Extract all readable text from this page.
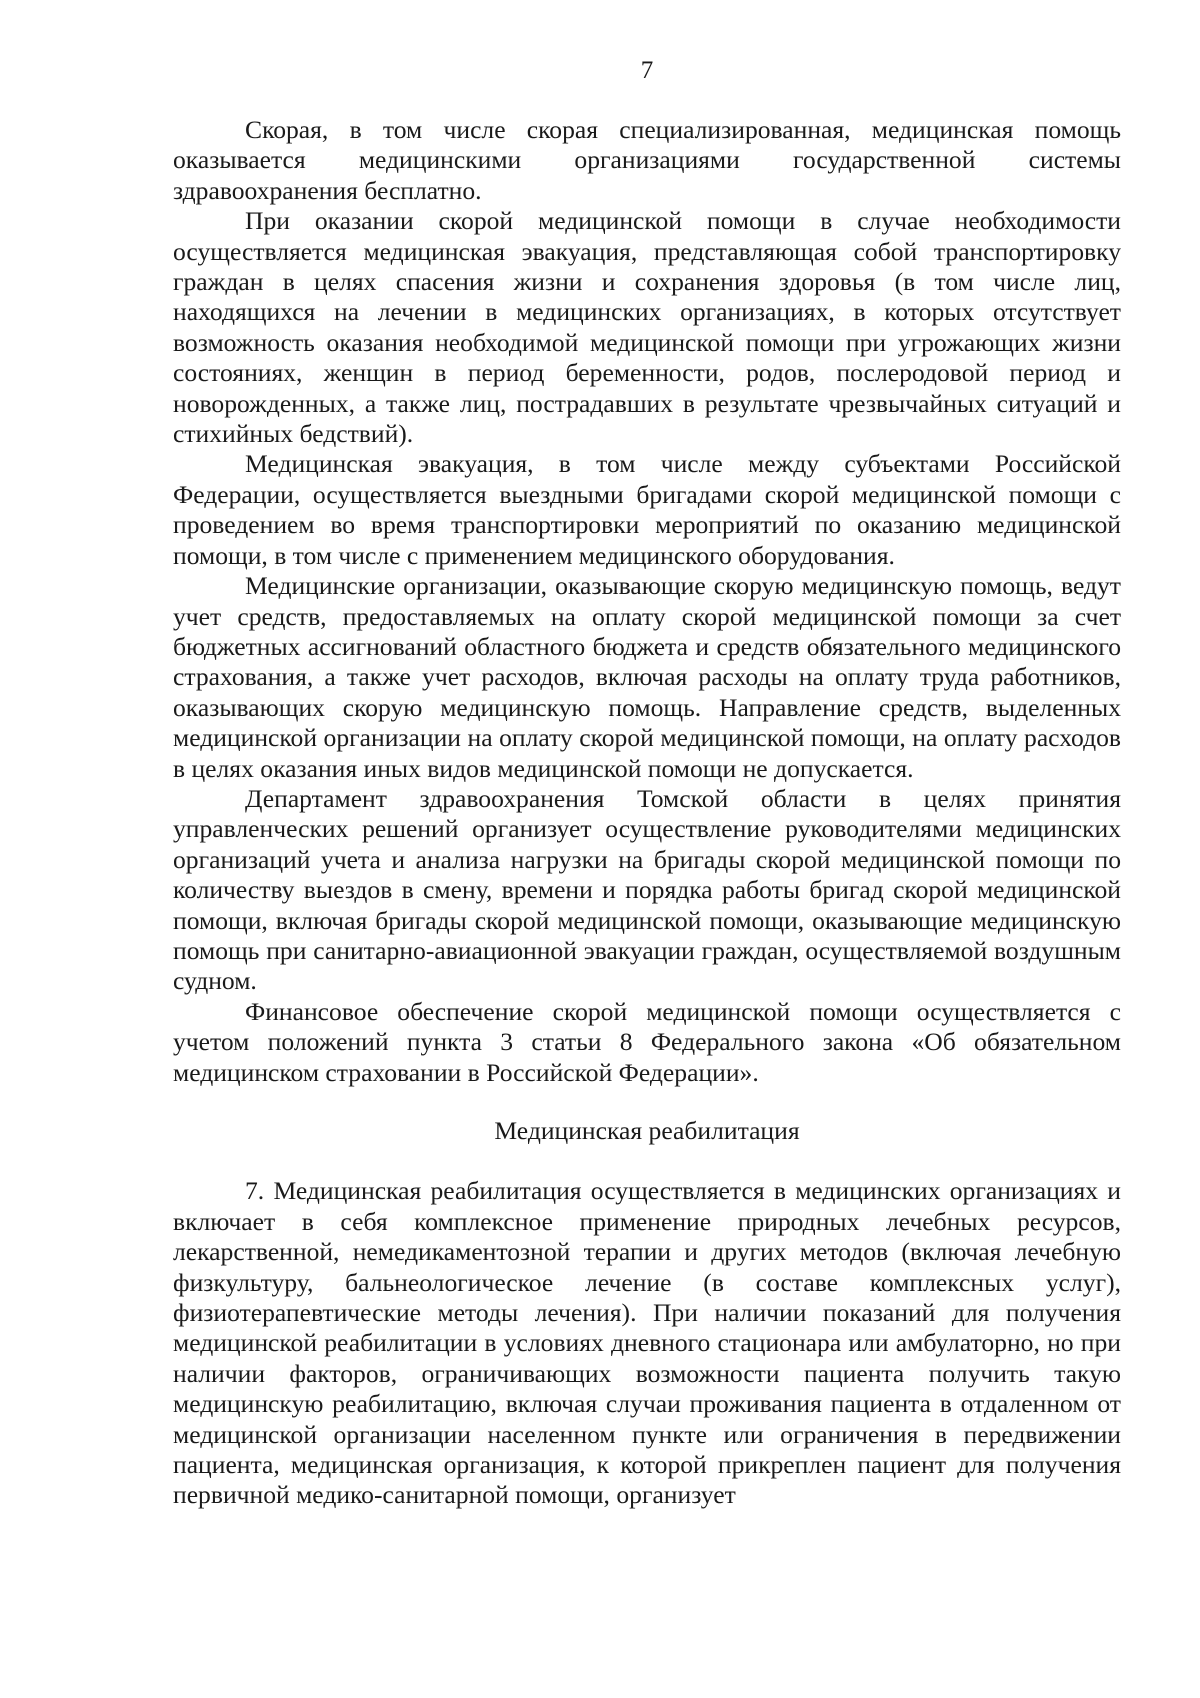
7

Скорая, в том числе скорая специализированная, медицинская помощь оказывается медицинскими организациями государственной системы здравоохранения бесплатно.

При оказании скорой медицинской помощи в случае необходимости осуществляется медицинская эвакуация, представляющая собой транспортировку граждан в целях спасения жизни и сохранения здоровья (в том числе лиц, находящихся на лечении в медицинских организациях, в которых отсутствует возможность оказания необходимой медицинской помощи при угрожающих жизни состояниях, женщин в период беременности, родов, послеродовой период и новорожденных, а также лиц, пострадавших в результате чрезвычайных ситуаций и стихийных бедствий).

Медицинская эвакуация, в том числе между субъектами Российской Федерации, осуществляется выездными бригадами скорой медицинской помощи с проведением во время транспортировки мероприятий по оказанию медицинской помощи, в том числе с применением медицинского оборудования.

Медицинские организации, оказывающие скорую медицинскую помощь, ведут учет средств, предоставляемых на оплату скорой медицинской помощи за счет бюджетных ассигнований областного бюджета и средств обязательного медицинского страхования, а также учет расходов, включая расходы на оплату труда работников, оказывающих скорую медицинскую помощь. Направление средств, выделенных медицинской организации на оплату скорой медицинской помощи, на оплату расходов в целях оказания иных видов медицинской помощи не допускается.

Департамент здравоохранения Томской области в целях принятия управленческих решений организует осуществление руководителями медицинских организаций учета и анализа нагрузки на бригады скорой медицинской помощи по количеству выездов в смену, времени и порядка работы бригад скорой медицинской помощи, включая бригады скорой медицинской помощи, оказывающие медицинскую помощь при санитарно-авиационной эвакуации граждан, осуществляемой воздушным судном.

Финансовое обеспечение скорой медицинской помощи осуществляется с учетом положений пункта 3 статьи 8 Федерального закона «Об обязательном медицинском страховании в Российской Федерации».

Медицинская реабилитация

7. Медицинская реабилитация осуществляется в медицинских организациях и включает в себя комплексное применение природных лечебных ресурсов, лекарственной, немедикаментозной терапии и других методов (включая лечебную физкультуру, бальнеологическое лечение (в составе комплексных услуг), физиотерапевтические методы лечения). При наличии показаний для получения медицинской реабилитации в условиях дневного стационара или амбулаторно, но при наличии факторов, ограничивающих возможности пациента получить такую медицинскую реабилитацию, включая случаи проживания пациента в отдаленном от медицинской организации населенном пункте или ограничения в передвижении пациента, медицинская организация, к которой прикреплен пациент для получения первичной медико-санитарной помощи, организует
